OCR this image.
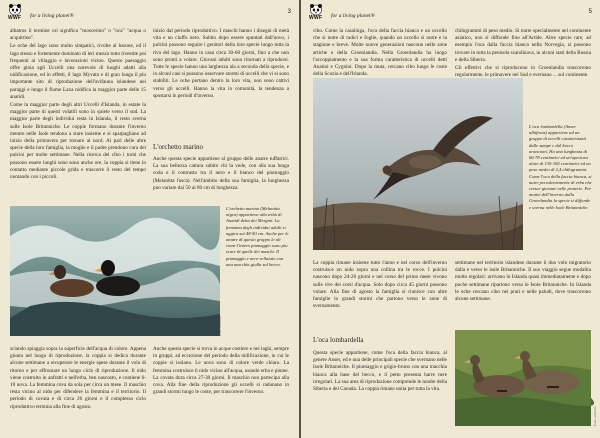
WWF for a living planet®
3

albatros il termine ori significa "moscerino" o "oca" "acqua o acquitrino".

Le oche del lago sono molto simpatici, rivolte al barone, ed il lago stesso e fortemente dominato di leri mezzo tutto rivestite poi frequenti ai villaggio e lavorazioni vicino. Questo paesaggio offre gioia agli Uccelli una notevole di luoghi adatti alla nidificazione, ed in effetti, il lago Myvatn e di gran lunga il piu importante sito di riproduzione dell'avifauna islandese nei paraggi e lungo il fiume Laxa nidifica la maggior parte delle 15 anatidi.

Come la maggior parte degli altri Uccelli d'Islanda, in estate la maggior parte di questi volatili sono in quiete verso il sud. La maggior parte degli individui resta in Islanda, il resto sverna sulle Isole Britanniche. Le coppie formano durante l'inverno mentre nelle Isole tendono a stare insieme e si sparpagliano ad inizio della primavera per tornare al nord. Al pari delle altre specie della loro famiglia, la moglie e il padre prendono cura dei pulcini per molte settimane. Nella ricerca del cibo i turni che possono essere lunghi sono sono anche ore, la coppia si tiene in contatto mediante piccole grida e trascorre il resto del tempo nuotando con i piccoli.

inizio dal periodo riproduttivo. I maschi hanno i disegni di metà vita e un ciuffo nero. Subito dopo essere spuntati dall'uovo, i pulcini possono seguire i genitori della loro specie lungo tutta la riva del lago. Hanno in casa circa 30-60 giorni, fino a che non sono pronti a volare. Giovani adulti sono ritornati a riprodursi. Tutte le specie hanno una larghezza ala a seconda della specie, e in alcuni casi si possono osservare stormi di uccelli che vi si sono stabiliti. Le oche portano dentro la loro vita, non sono cattivi verso gli uccelli. Hanno la vita in comunità, la tendenza a spostarsi in periodi d'inverno.

L'orchetto marino

Anche questa specie appartiene al gruppo delle anatre tuffatrici. La sua bellezza cattura subito chi la vede, con alla sua lunga coda e il contrasto tra il nero e il bianco del piumaggio (Melanitta fusca). Nell'ambito della sua famiglia, la lunghezza puo variare dai 50 ai 60 cm di lunghezza.

L'orchetto marino (Melanitta nigra) appartiene alla tribù di Anatidi detta dei Mergini. La femmina degli individui adulti si aggira sui 48-50 cm. Anche per le anatre di questo gruppo le ali come l'intero piumaggio sono piu scure di quelle dei maschi. Il piumaggio e nero vellutato con una macchia gialla sul becco.
Foto: archivio

sciando spiaggia sopra la superficie dell'acqua di colore. Appena giunta nel luogo di riproduzione, la coppia si dedica durante alcune settimane a recuperare le energie spese durante il volo di ritorno e per affrontare un lungo ciclo di riproduzione. Il nido viene costruito in anfratti e nell'erba, ben nascosto, e contiene 6-10 uova. La femmina cova da sola per circa un mese. Il maschio resta vicino al nido per difendere la femmina e il territorio. Il periodo di covata e di circa 26 giorni e il complesso ciclo riproduttivo termina alla fine di agosto.

Anche questa specie si trova in acque costiere e nei laghi, sempre in gruppi, ad eccezione del periodo della nidificazione, in cui le coppie si isolano. Le uova sono di colore verde chiaro. La femmina costruisce il nido vicino all'acqua, usando erba e piume. La covata dura circa 27-30 giorni. Il maschio non partecipa alla cova. Alla fine della riproduzione gli uccelli si radunano in grandi stormi lungo le coste, per trascorrere l'inverno.

WWF for a living planet®
5

cibo. Come la casalinga, l'oca della faccia bianca e un uccello che si nutre di radici e foglie, quando un uccello si nutre e la stagione e breve. Molte nuove generazioni nascono nelle zone artiche e della Groenlandia. Nella Groenlandia ha luogo l'accoppiamento e la sua forma caratteristica di uccelli detti Anatini e Cygnini. Dopo la muta, cercano cibo lungo le coste della Scozia e dell'Irlanda.

chilogrammi di peso medio. Si nutre specialmente nel continente asiatico, non si diffonde fino all'Artide. Altre specie rare, ad esempio l'oca dalla faccia bianca nella Norvegia, si possono trovare in tutta la penisola scandinava, in alcuni stati della Russia e della Siberia.

Gli effettivi che si riproducono in Groenlandia trascorrono regolarmente, le primavere nel Sud e svernano ... sul continente.

L'oca lombardella (Anser albifrons) appartiene ad un gruppo di uccelli caratterizzati dalle zampe e dal becco arancioni. Ha una lunghezza di 66-78 centimetri ed un'apertura alare di 130-165 centimetri ed un peso medio di 2,4 chilogrammi. Come l'oca della faccia bianca, si nutre prevalentemente di erba che cresce giovane nelle praterie. Per motivi dell'inverno dalla Groenlandia la specie si diffonde e sverna nelle Isole Britanniche.

La coppia rimane insieme tutto l'anno e nel corso dell'inverno costruisce un nido sopra una collina tra le rocce. I pulcini nascono dopo 24-26 giorni e nel corso del primo mese vivono sulle rive dei corsi d'acqua. Solo dopo circa 45 giorni possono volare. Alla fine di agosto la famiglia si riunisce con altre famiglie in grandi stormi che partono verso le zone di svernamento.

settimane nel territorio islandese durante il duo volo migratorio dalla e verso le isole Britanniche. Il suo viaggio segue modalita molto regolari: arrivano in Islanda quasi immediatamente e dopo poche settimane ripartono verso le Isole Britanniche. In Islanda le oche cercano cibo nei prati e nelle paludi, dove trascorrono alcune settimane.

L'oca lombardella

Questa specie appartiene, come l'oca della faccia bianca, al genere Anser, ed e una delle principali specie che svernano nelle Isole Britanniche. Il piumaggio e grigio-bruno con una macchia bianca alla base del becco, e il petto presenta barre nere irregolari. La sua area di riproduzione comprende le tundre della Siberia e del Canada. La coppia rimane unita per tutta la vita.

Foto: archivio
